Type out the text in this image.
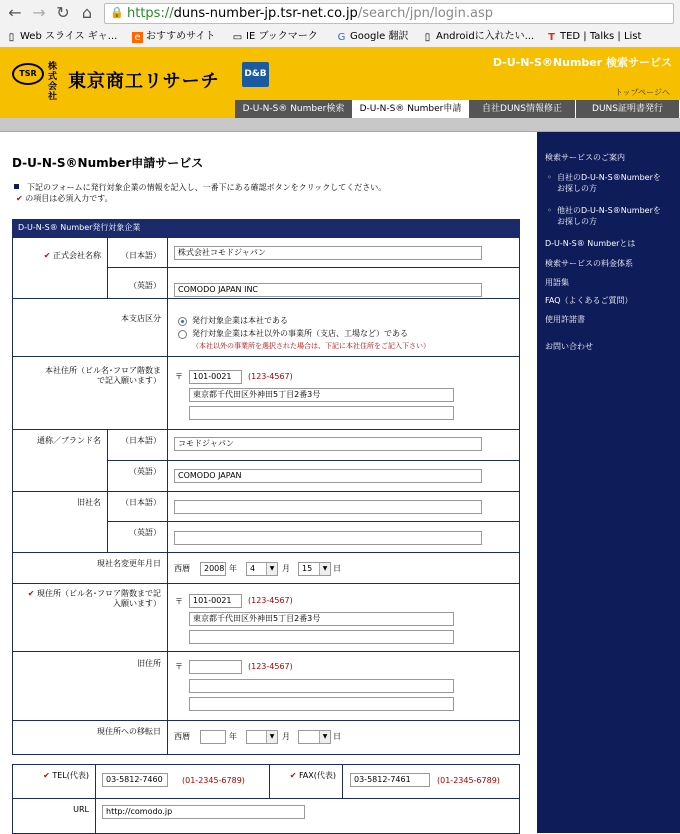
← → ↻ ⌂	🔒 https://duns-number-jp.tsr-net.co.jp/search/jpn/login.asp
▯ Web スライス ギャ... e おすすめサイト ▭ IE ブックマーク G Google 翻訳 ▯ Androidに入れたい... T TED | Talks | List
TSR
株式会社東京商工リサーチ	D&B
D-U-N-S®Number 検索サービス
トップページへ
D-U-N-S® Number検索	D-U-N-S® Number申請	自社DUNS情報修正	DUNS証明書発行
D-U-N-S®Number申請サービス
下記のフォームに発行対象企業の情報を記入し、一番下にある確認ボタンをクリックしてください。
✔ の項目は必須入力です。
D-U-N-S® Number発行対象企業
✔ 正式会社名称	（日本語）	株式会社コモドジャパン
（英語）	COMODO JAPAN INC
本支店区分	発行対象企業は本社である
発行対象企業は本社以外の事業所（支店、工場など）である
（本社以外の事業所を選択された場合は、下記に本社住所をご記入下さい）
本社住所（ビル名･フロア階数まで記入願います）	〒	101-0021	(123-4567)
東京都千代田区外神田5丁目2番3号
通称／ブランド名	（日本語）	コモドジャパン
（英語）	COMODO JAPAN
旧社名	（日本語）
（英語）
現社名変更年月日
西暦	2008 年	4 ▼	月	15 ▼	日
✔ 現住所（ビル名･フロア階数まで記入願います）	〒	101-0021	(123-4567)
東京都千代田区外神田5丁目2番3号
旧住所	〒	(123-4567)
現住所への移転日
西暦	年 ▼	月 ▼	日
✔ TEL(代表)	03-5812-7460	(01-2345-6789)
✔ FAX(代表)	03-5812-7461	(01-2345-6789)
URL	http://comodo.jp
検索サービスのご案内
◦ 自社のD-U-N-S®Numberをお探しの方
◦ 他社のD-U-N-S®Numberをお探しの方
D-U-N-S® Numberとは
検索サービスの料金体系
用語集
FAQ（よくあるご質問）
使用許諾書
お問い合わせ
